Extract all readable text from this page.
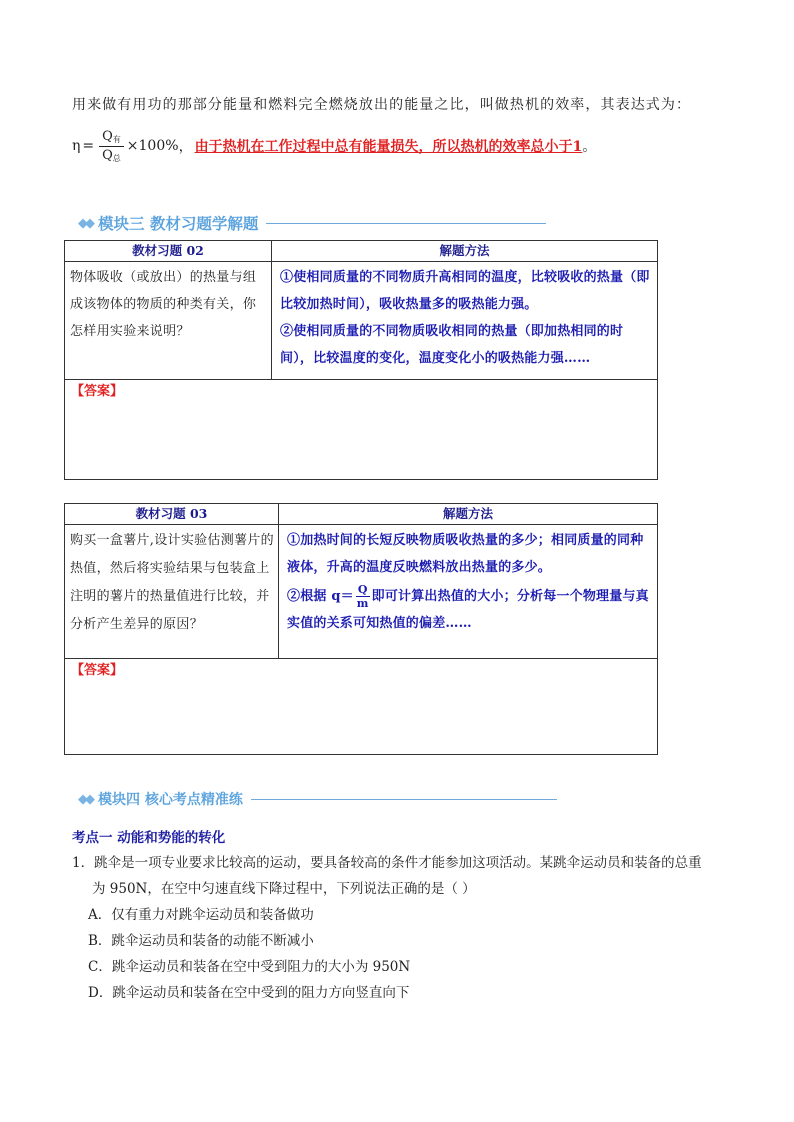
用来做有用功的那部分能量和燃料完全燃烧放出的能量之比，叫做热机的效率，其表达式为：
$\eta = \frac{Q_有}{Q_总} \times 100\%$ ， 由于热机在工作过程中总有能量损失，所以热机的效率总小于1 。
◆◆ 模块三 教材习题学解题
教材习题 02	解题方法

物体吸收（或放出）的热量与组成该物体的物质的种类有关，你怎样用实验来说明？	①使相同质量的不同物质升高相同的温度，比较吸收的热量（即比较加热时间），吸收热量多的吸热能力强。
②使相同质量的不同物质吸收相同的热量（即加热相同的时间），比较温度的变化，温度变化小的吸热能力强……

【答案】	
教材习题 03	解题方法

购买一盒薯片,设计实验估测薯片的热值，然后将实验结果与包装盒上注明的薯片的热量值进行比较，并分析产生差异的原因？	①加热时间的长短反映物质吸收热量的多少；相同质量的同种液体，升高的温度反映燃料放出热量的多少。
②根据 $q= \frac{Q}{m}$ 即可计算出热值的大小；分析每一个物理量与真实值的关系可知热值的偏差……

【答案】	
◆◆ 模块四 核心考点精准练
考点一 动能和势能的转化
1．跳伞是一项专业要求比较高的运动，要具备较高的条件才能参加这项活动。某跳伞运动员和装备的总重
为 950N，在空中匀速直线下降过程中，下列说法正确的是（ ）
A．仅有重力对跳伞运动员和装备做功
B．跳伞运动员和装备的动能不断减小
C．跳伞运动员和装备在空中受到阻力的大小为 950N
D．跳伞运动员和装备在空中受到的阻力方向竖直向下
